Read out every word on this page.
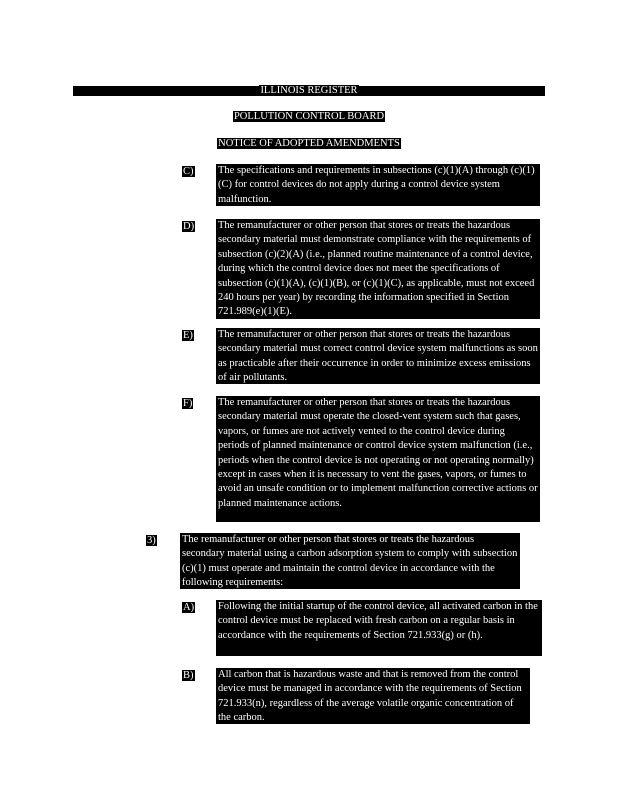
ILLINOIS REGISTER
POLLUTION CONTROL BOARD
NOTICE OF ADOPTED AMENDMENTS
C) The specifications and requirements in subsections (c)(1)(A) through (c)(1)(C) for control devices do not apply during a control device system malfunction.
D) The remanufacturer or other person that stores or treats the hazardous secondary material must demonstrate compliance with the requirements of subsection (c)(2)(A) (i.e., planned routine maintenance of a control device, during which the control device does not meet the specifications of subsection (c)(1)(A), (c)(1)(B), or (c)(1)(C), as applicable, must not exceed 240 hours per year) by recording the information specified in Section 721.989(e)(1)(E).
E) The remanufacturer or other person that stores or treats the hazardous secondary material must correct control device system malfunctions as soon as practicable after their occurrence in order to minimize excess emissions of air pollutants.
F) The remanufacturer or other person that stores or treats the hazardous secondary material must operate the closed-vent system such that gases, vapors, or fumes are not actively vented to the control device during periods of planned maintenance or control device system malfunction (i.e., periods when the control device is not operating or not operating normally) except in cases when it is necessary to vent the gases, vapors, or fumes to avoid an unsafe condition or to implement malfunction corrective actions or planned maintenance actions.
3)	The remanufacturer or other person that stores or treats the hazardous secondary material using a carbon adsorption system to comply with subsection (c)(1) must operate and maintain the control device in accordance with the following requirements:
A) Following the initial startup of the control device, all activated carbon in the control device must be replaced with fresh carbon on a regular basis in accordance with the requirements of Section 721.933(g) or (h).
B) All carbon that is hazardous waste and that is removed from the control device must be managed in accordance with the requirements of Section 721.933(n), regardless of the average volatile organic concentration of the carbon.
